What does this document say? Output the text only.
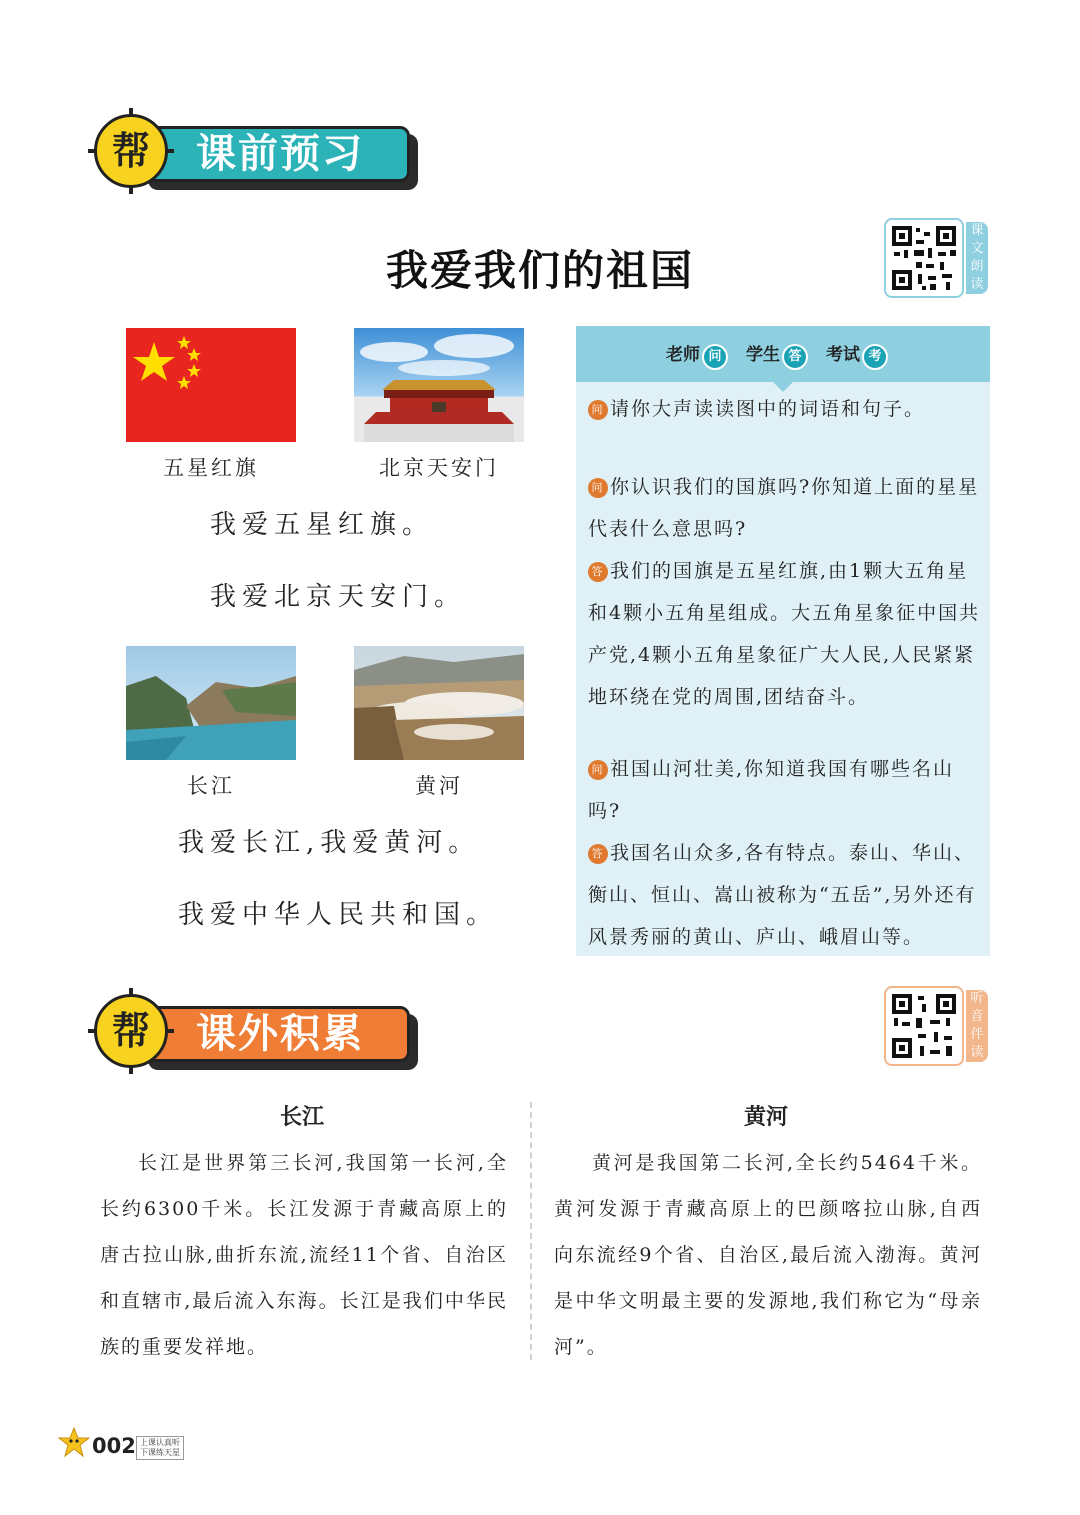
课前预习
帮
我爱我们的祖国
课文朗读
五星红旗	北京天安门
我爱五星红旗。
我爱北京天安门。
长江	黄河
我爱长江,我爱黄河。
我爱中华人民共和国。
老师 问	学生 答	考试 考
问 请你大声读读图中的词语和句子。
问 你认识我们的国旗吗?你知道上面的星星代表什么意思吗?
答 我们的国旗是五星红旗,由1颗大五角星和4颗小五角星组成。大五角星象征中国共产党,4颗小五角星象征广大人民,人民紧紧地环绕在党的周围,团结奋斗。
问 祖国山河壮美,你知道我国有哪些名山吗?
答 我国名山众多,各有特点。泰山、华山、衡山、恒山、嵩山被称为“五岳”,另外还有风景秀丽的黄山、庐山、峨眉山等。
课外积累
帮
听音伴读
长江
长江是世界第三长河,我国第一长河,全长约6300千米。长江发源于青藏高原上的唐古拉山脉,曲折东流,流经11个省、自治区和直辖市,最后流入东海。长江是我们中华民族的重要发祥地。
黄河
黄河是我国第二长河,全长约5464千米。黄河发源于青藏高原上的巴颜喀拉山脉,自西向东流经9个省、自治区,最后流入渤海。黄河是中华文明最主要的发源地,我们称它为“母亲河”。
002 上课认真听
下课练天星
